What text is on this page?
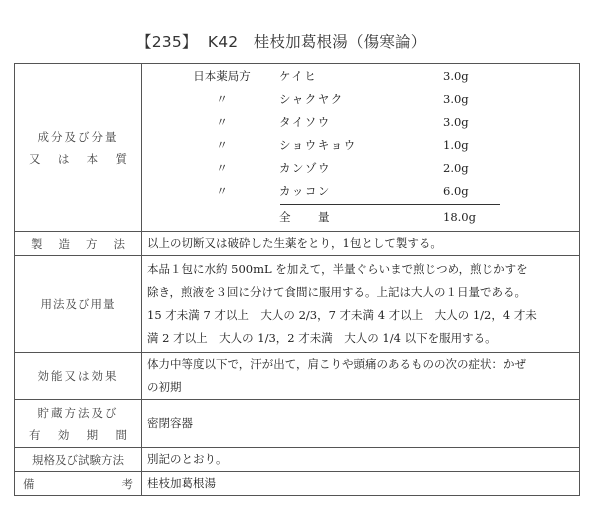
【235】 K42 桂枝加葛根湯（傷寒論）
成分及び分量
又 は 本 質

日本薬局方	ケイヒ	3.0g
〃	シャクヤク	3.0g
〃	タイソウ	3.0g
〃	ショウキョウ	1.0g
〃	カンゾウ	2.0g
〃	カッコン	6.0g
全　　量	18.0g

製 造 方 法	以上の切断又は破砕した生薬をとり，1包として製する。
用法及び用量	本品１包に水約 500mL を加えて，半量ぐらいまで煎じつめ，煎じかすを
除き，煎液を３回に分けて食間に服用する。上記は大人の１日量である。
15 才未満 7 才以上　大人の 2/3，7 才未満 4 才以上　大人の 1/2，4 才未
満 2 才以上　大人の 1/3，2 才未満　大人の 1/4 以下を服用する。

効能又は効果	体力中等度以下で，汗が出て，肩こりや頭痛のあるものの次の症状：かぜ
の初期

貯蔵方法及び
有 効 期 間	密閉容器
規格及び試験方法	別記のとおり。

備 考	桂枝加葛根湯
